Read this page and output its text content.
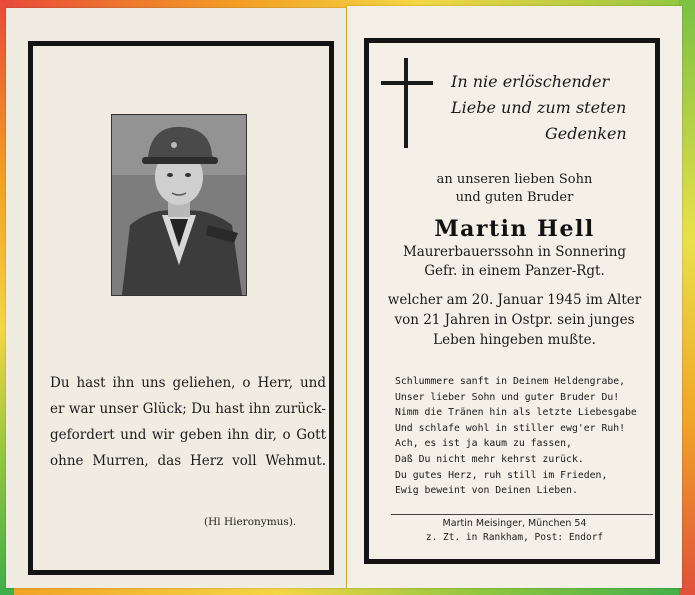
Du hast ihn uns geliehen, o Herr, und
er war unser Glück; Du hast ihn zurück-
gefordert und wir geben ihn dir, o Gott
ohne Murren, das Herz voll Wehmut.
(Hl Hieronymus).
In nie erlöschender
Liebe und zum steten
Gedenken
an unseren lieben Sohn
und guten Bruder
Martin Hell
Maurerbauerssohn in Sonnering
Gefr. in einem Panzer-Rgt.
welcher am 20. Januar 1945 im Alter
von 21 Jahren in Ostpr. sein junges
Leben hingeben mußte.
Schlummere sanft in Deinem Heldengrabe,
Unser lieber Sohn und guter Bruder Du!
Nimm die Tränen hin als letzte Liebesgabe
Und schlafe wohl in stiller ewg'er Ruh!
Ach, es ist ja kaum zu fassen,
Daß Du nicht mehr kehrst zurück.
Du gutes Herz, ruh still im Frieden,
Ewig beweint von Deinen Lieben.
Martin Meisinger, München 54
z. Zt. in Rankham, Post: Endorf
